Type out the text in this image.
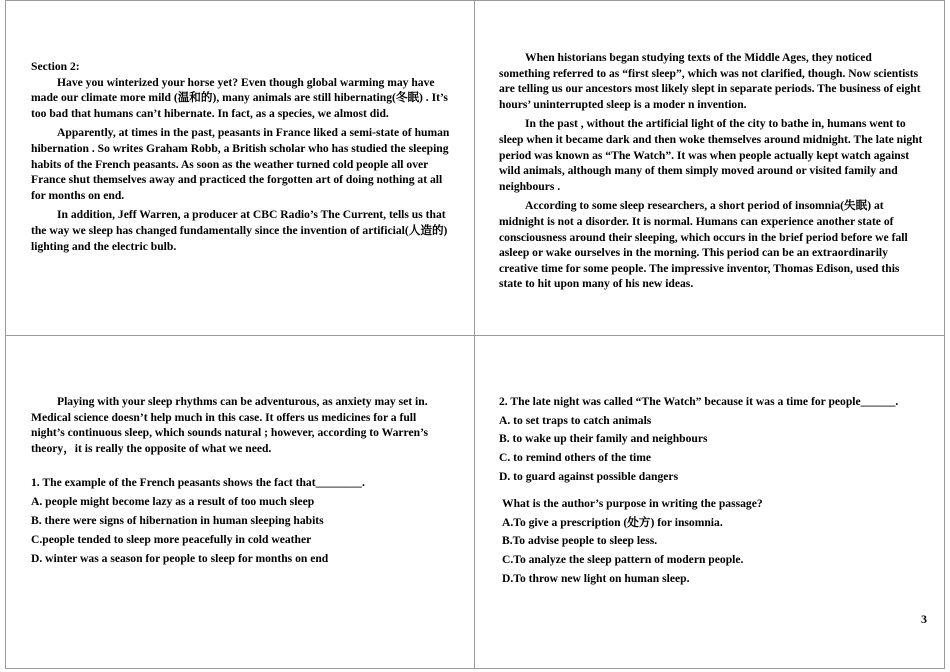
Section 2:

Have you winterized your horse yet? Even though global warming may have made our climate more mild (温和的), many animals are still hibernating(冬眠) . It’s too bad that humans can’t hibernate. In fact, as a species, we almost did.

Apparently, at times in the past, peasants in France liked a semi-state of human hibernation . So writes Graham Robb, a British scholar who has studied the sleeping habits of the French peasants. As soon as the weather turned cold people all over France shut themselves away and practiced the forgotten art of doing nothing at all for months on end.

In addition, Jeff Warren, a producer at CBC Radio’s The Current, tells us that the way we sleep has changed fundamentally since the invention of artificial(人造的) lighting and the electric bulb.

When historians began studying texts of the Middle Ages, they noticed something referred to as “first sleep”, which was not clarified, though. Now scientists are telling us our ancestors most likely slept in separate periods. The business of eight hours’ uninterrupted sleep is a moder n invention.

In the past , without the artificial light of the city to bathe in, humans went to sleep when it became dark and then woke themselves around midnight. The late night period was known as “The Watch”. It was when people actually kept watch against wild animals, although many of them simply moved around or visited family and neighbours .

According to some sleep researchers, a short period of insomnia(失眠) at midnight is not a disorder. It is normal. Humans can experience another state of consciousness around their sleeping, which occurs in the brief period before we fall asleep or wake ourselves in the morning. This period can be an extraordinarily creative time for some people. The impressive inventor, Thomas Edison, used this state to hit upon many of his new ideas.

Playing with your sleep rhythms can be adventurous, as anxiety may set in. Medical science doesn’t help much in this case. It offers us medicines for a full night’s continuous sleep, which sounds natural ; however, according to Warren’s theory，it is really the opposite of what we need.

1. The example of the French peasants shows the fact that________.

A. people might become lazy as a result of too much sleep
B. there were signs of hibernation in human sleeping habits
C.people tended to sleep more peacefully in cold weather
D. winter was a season for people to sleep for months on end

2. The late night was called “The Watch” because it was a time for people______.

A. to set traps to catch animals
B. to wake up their family and neighbours
C. to remind others of the time
D. to guard against possible dangers
What is the author’s purpose in writing the passage?
A.To give a prescription (处方) for insomnia.
B.To advise people to sleep less.
C.To analyze the sleep pattern of modern people.
D.To throw new light on human sleep.
3
